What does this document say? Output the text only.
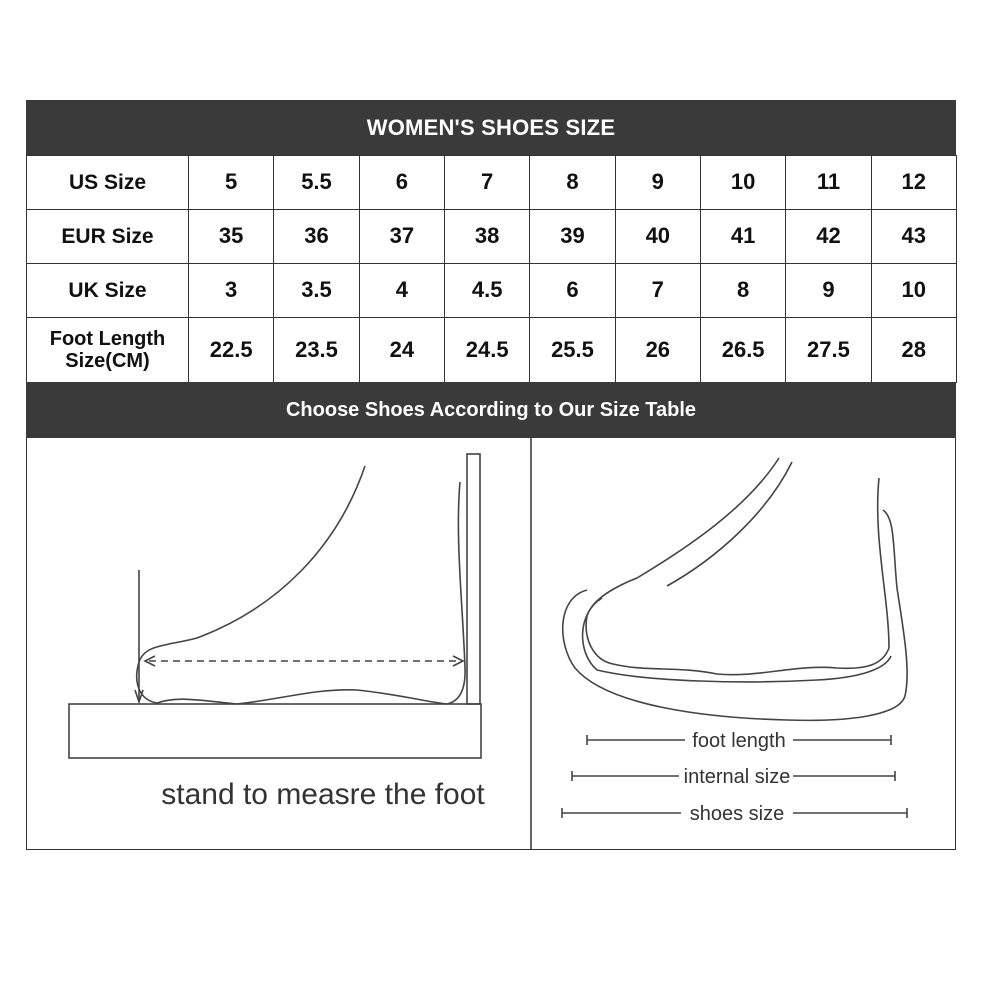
WOMEN'S SHOES SIZE
US Size	5	5.5	6	7	8	9	10	11	12
EUR Size	35	36	37	38	39	40	41	42	43
UK Size	3	3.5	4	4.5	6	7	8	9	10

Foot Length
Size(CM)	22.5	23.5	24	24.5	25.5	26	26.5	27.5	28
Choose Shoes According to Our Size Table
stand to measre the foot
foot length
internal size
shoes size
